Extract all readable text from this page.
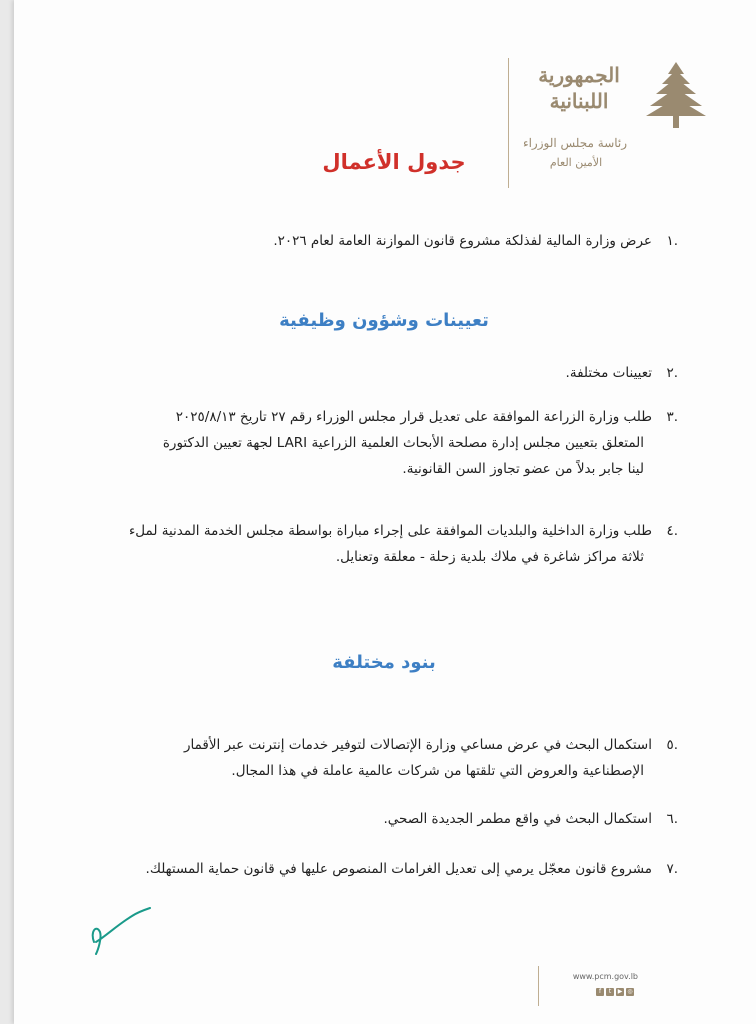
الجمهورية
اللبنانية
رئاسة مجلس الوزراء
الأمين العام
جدول الأعمال
.١عرض وزارة المالية لفذلكة مشروع قانون الموازنة العامة لعام ٢٠٢٦.
تعيينات وشؤون وظيفية
.٢تعيينات مختلفة.
.٣طلب وزارة الزراعة الموافقة على تعديل قرار مجلس الوزراء رقم ٢٧ تاريخ ٢٠٢٥/٨/١٣
المتعلق بتعيين مجلس إدارة مصلحة الأبحاث العلمية الزراعية LARI لجهة تعيين الدكتورة
لينا جابر بدلاً من عضو تجاوز السن القانونية.
.٤طلب وزارة الداخلية والبلديات الموافقة على إجراء مباراة بواسطة مجلس الخدمة المدنية لملء
ثلاثة مراكز شاغرة في ملاك بلدية زحلة - معلقة وتعنايل.
بنود مختلفة
.٥استكمال البحث في عرض مساعي وزارة الإتصالات لتوفير خدمات إنترنت عبر الأقمار
الإصطناعية والعروض التي تلقتها من شركات عالمية عاملة في هذا المجال.
.٦استكمال البحث في واقع مطمر الجديدة الصحي.
.٧مشروع قانون معجّل يرمي إلى تعديل الغرامات المنصوص عليها في قانون حماية المستهلك.
www.pcm.gov.lb
f	t	▶ ◎
